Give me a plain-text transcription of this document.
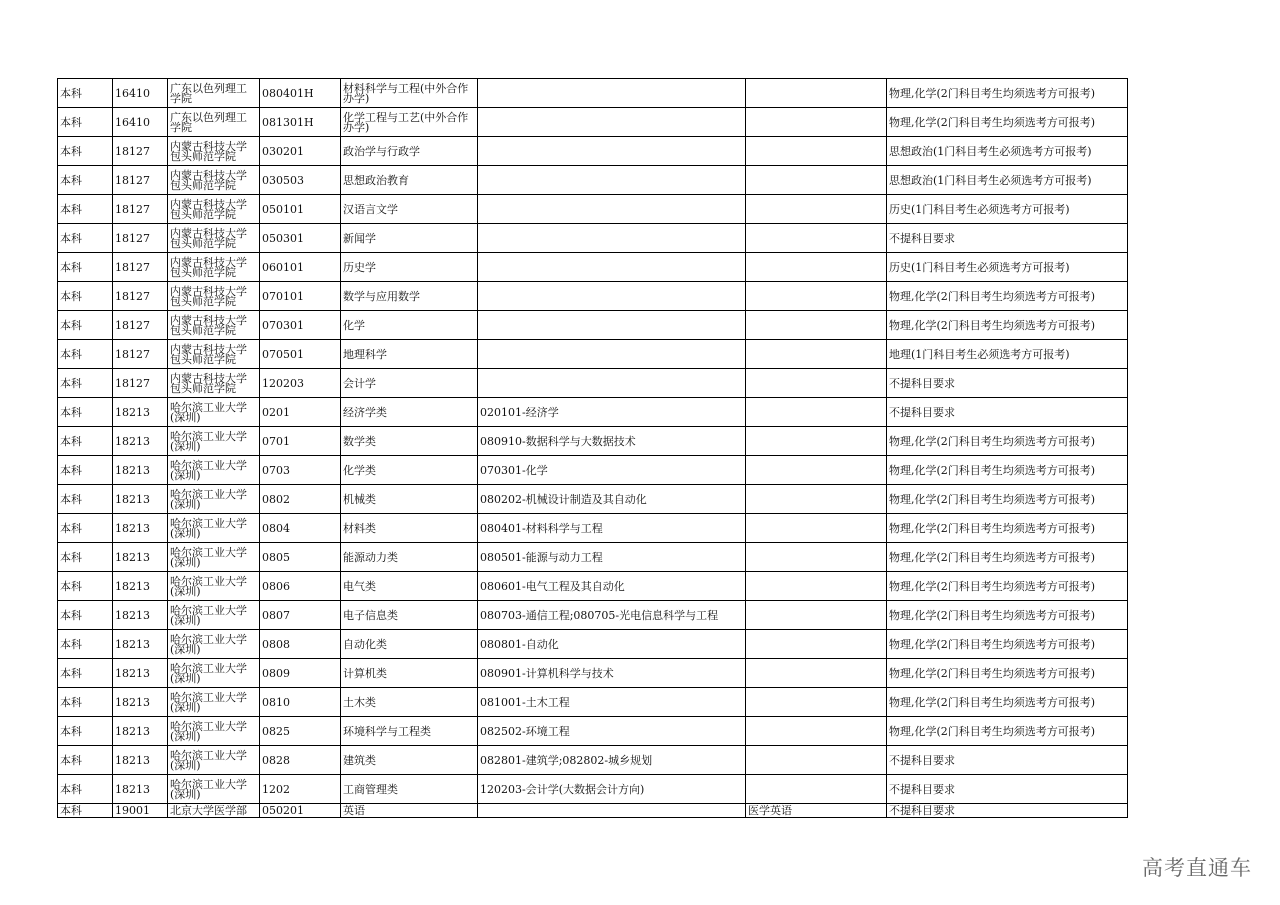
本科	16410	广东以色列理工学院	080401H	材料科学与工程(中外合作办学)			物理,化学(2门科目考生均须选考方可报考)
本科	16410	广东以色列理工学院	081301H	化学工程与工艺(中外合作办学)			物理,化学(2门科目考生均须选考方可报考)
本科	18127	内蒙古科技大学包头师范学院	030201	政治学与行政学			思想政治(1门科目考生必须选考方可报考)
本科	18127	内蒙古科技大学包头师范学院	030503	思想政治教育			思想政治(1门科目考生必须选考方可报考)
本科	18127	内蒙古科技大学包头师范学院	050101	汉语言文学			历史(1门科目考生必须选考方可报考)
本科	18127	内蒙古科技大学包头师范学院	050301	新闻学			不提科目要求
本科	18127	内蒙古科技大学包头师范学院	060101	历史学			历史(1门科目考生必须选考方可报考)
本科	18127	内蒙古科技大学包头师范学院	070101	数学与应用数学			物理,化学(2门科目考生均须选考方可报考)
本科	18127	内蒙古科技大学包头师范学院	070301	化学			物理,化学(2门科目考生均须选考方可报考)
本科	18127	内蒙古科技大学包头师范学院	070501	地理科学			地理(1门科目考生必须选考方可报考)
本科	18127	内蒙古科技大学包头师范学院	120203	会计学			不提科目要求
本科	18213	哈尔滨工业大学(深圳)	0201	经济学类	020101-经济学		不提科目要求
本科	18213	哈尔滨工业大学(深圳)	0701	数学类	080910-数据科学与大数据技术		物理,化学(2门科目考生均须选考方可报考)
本科	18213	哈尔滨工业大学(深圳)	0703	化学类	070301-化学		物理,化学(2门科目考生均须选考方可报考)
本科	18213	哈尔滨工业大学(深圳)	0802	机械类	080202-机械设计制造及其自动化		物理,化学(2门科目考生均须选考方可报考)
本科	18213	哈尔滨工业大学(深圳)	0804	材料类	080401-材料科学与工程		物理,化学(2门科目考生均须选考方可报考)
本科	18213	哈尔滨工业大学(深圳)	0805	能源动力类	080501-能源与动力工程		物理,化学(2门科目考生均须选考方可报考)
本科	18213	哈尔滨工业大学(深圳)	0806	电气类	080601-电气工程及其自动化		物理,化学(2门科目考生均须选考方可报考)
本科	18213	哈尔滨工业大学(深圳)	0807	电子信息类	080703-通信工程;080705-光电信息科学与工程		物理,化学(2门科目考生均须选考方可报考)
本科	18213	哈尔滨工业大学(深圳)	0808	自动化类	080801-自动化		物理,化学(2门科目考生均须选考方可报考)
本科	18213	哈尔滨工业大学(深圳)	0809	计算机类	080901-计算机科学与技术		物理,化学(2门科目考生均须选考方可报考)
本科	18213	哈尔滨工业大学(深圳)	0810	土木类	081001-土木工程		物理,化学(2门科目考生均须选考方可报考)
本科	18213	哈尔滨工业大学(深圳)	0825	环境科学与工程类	082502-环境工程		物理,化学(2门科目考生均须选考方可报考)
本科	18213	哈尔滨工业大学(深圳)	0828	建筑类	082801-建筑学;082802-城乡规划		不提科目要求
本科	18213	哈尔滨工业大学(深圳)	1202	工商管理类	120203-会计学(大数据会计方向)		不提科目要求
本科	19001	北京大学医学部	050201	英语		医学英语	不提科目要求
高考直通车
